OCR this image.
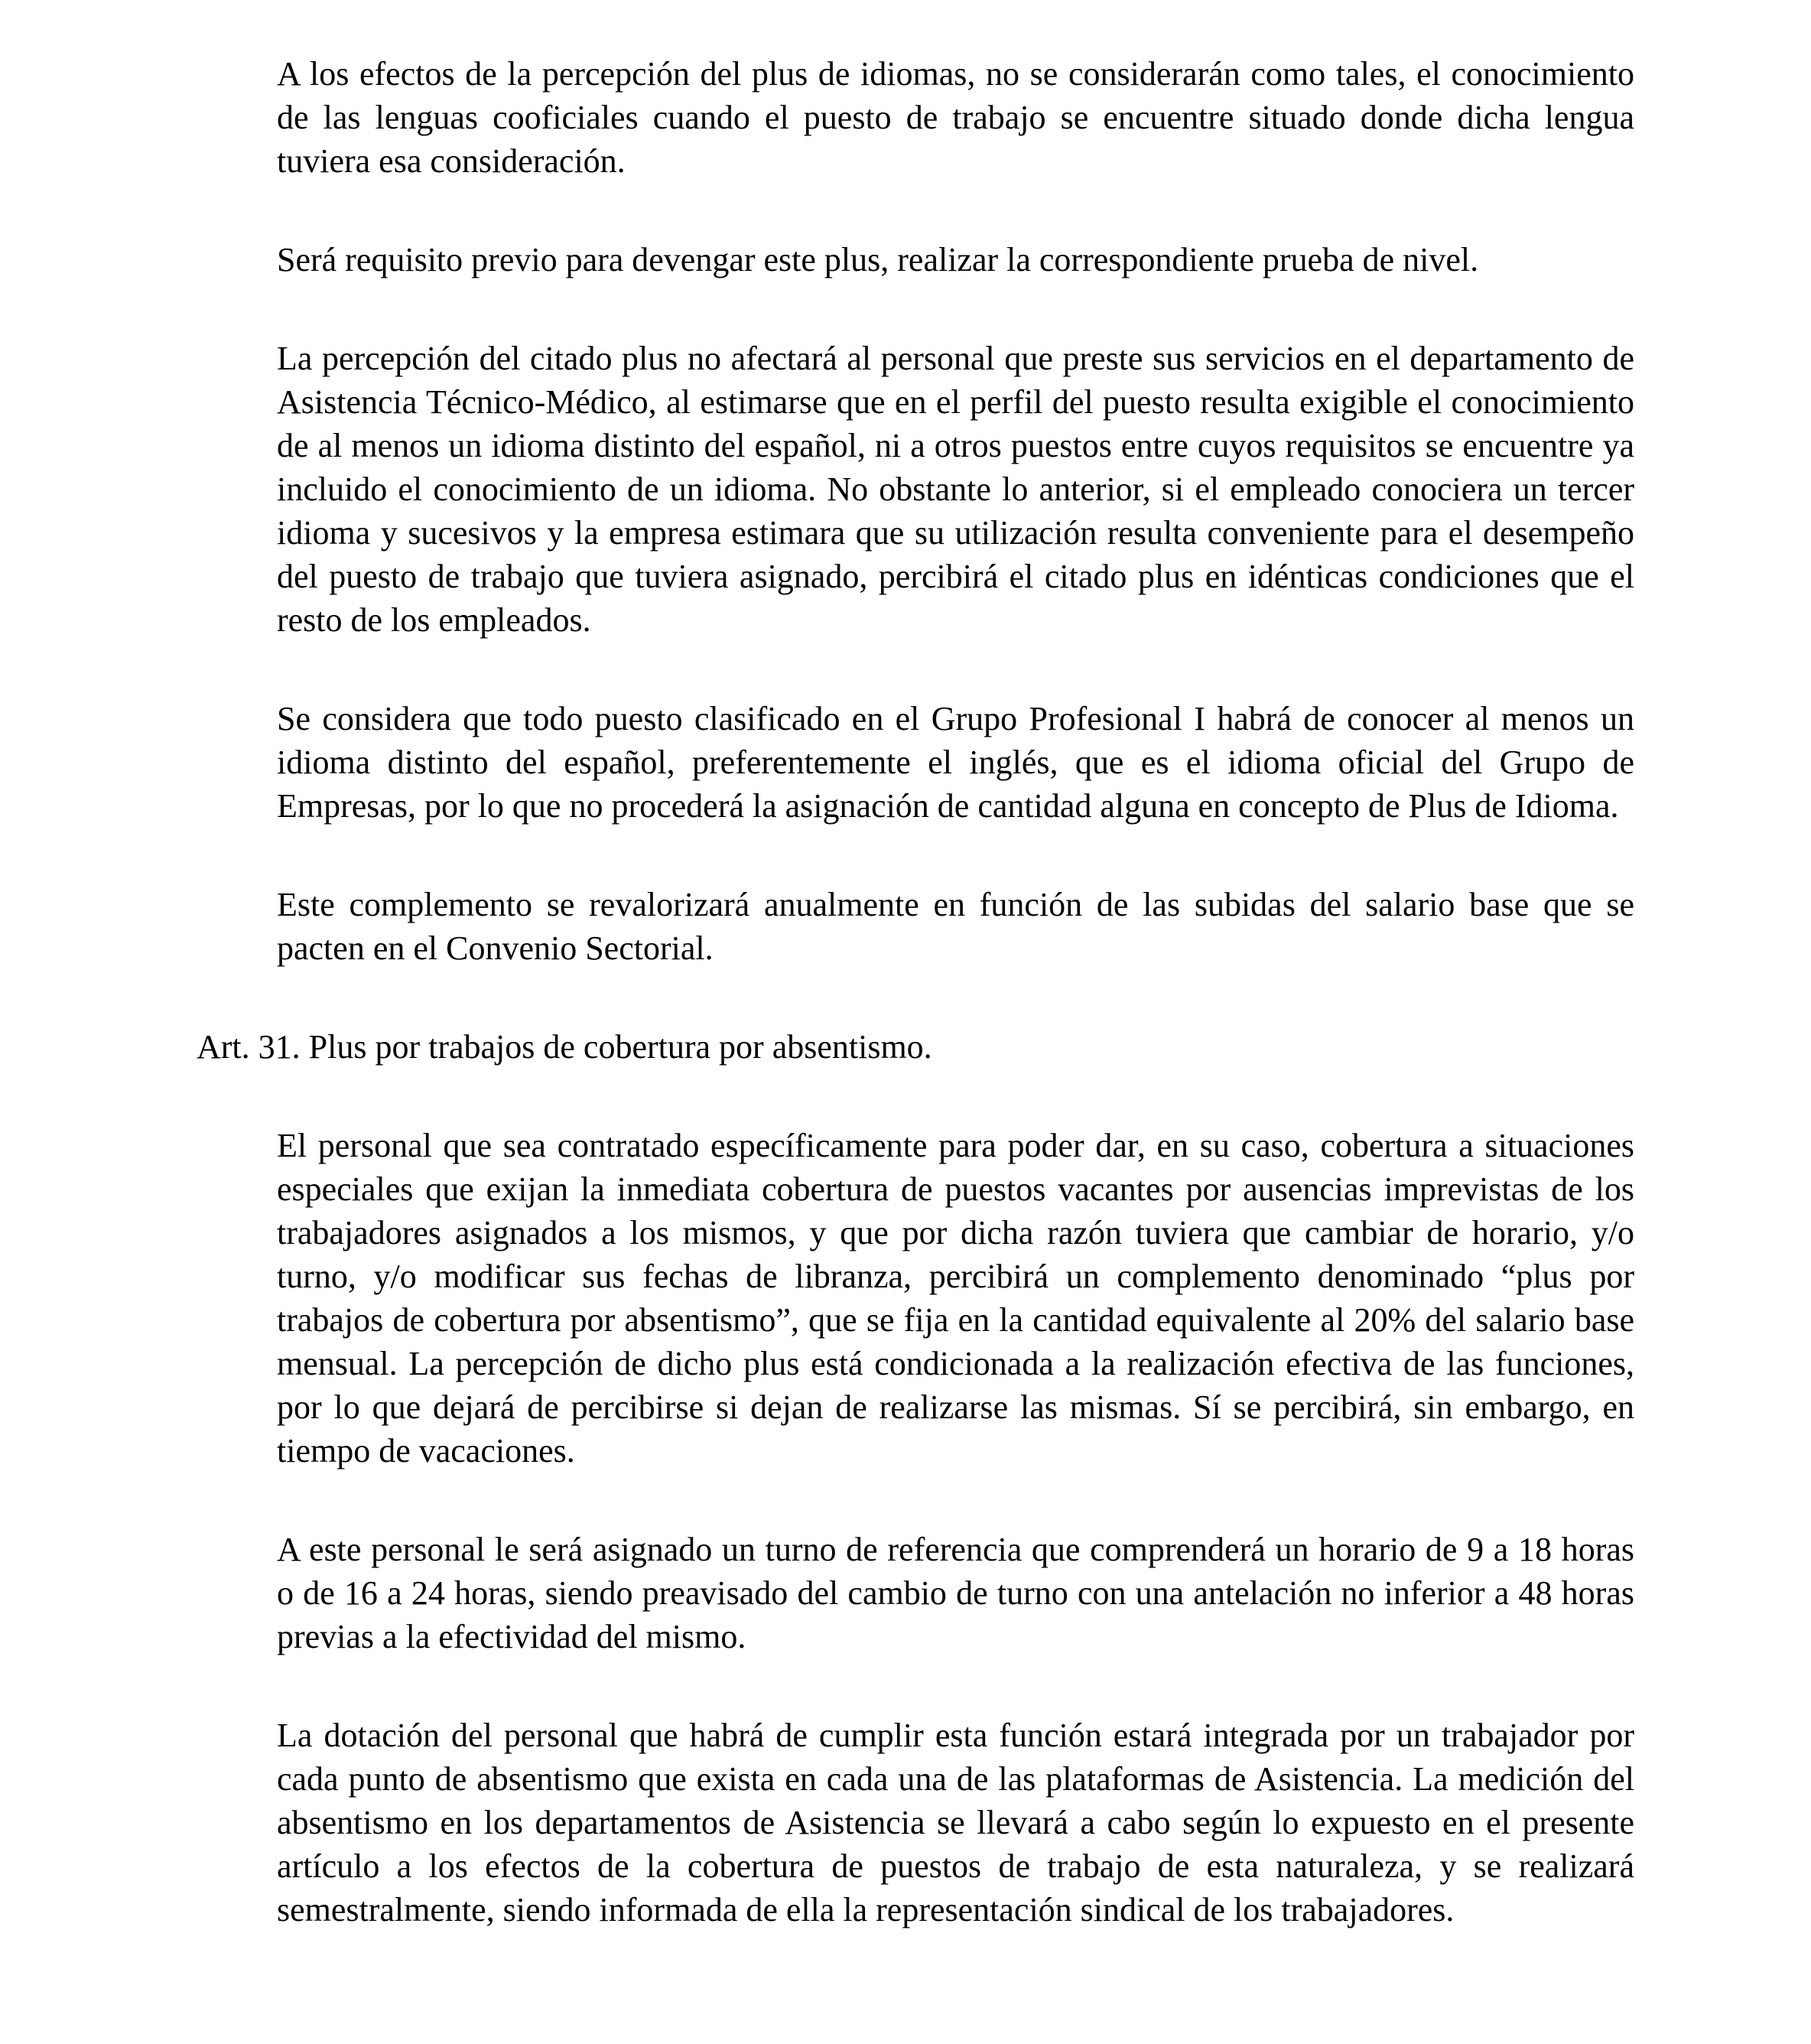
A los efectos de la percepción del plus de idiomas, no se considerarán como tales, el conocimiento de las lenguas cooficiales cuando el puesto de trabajo se encuentre situado donde dicha lengua tuviera esa consideración.

Será requisito previo para devengar este plus, realizar la correspondiente prueba de nivel.

La percepción del citado plus no afectará al personal que preste sus servicios en el departamento de Asistencia Técnico-Médico, al estimarse que en el perfil del puesto resulta exigible el conocimiento de al menos un idioma distinto del español, ni a otros puestos entre cuyos requisitos se encuentre ya incluido el conocimiento de un idioma. No obstante lo anterior, si el empleado conociera un tercer idioma y sucesivos y la empresa estimara que su utilización resulta conveniente para el desempeño del puesto de trabajo que tuviera asignado, percibirá el citado plus en idénticas condiciones que el resto de los empleados.

Se considera que todo puesto clasificado en el Grupo Profesional I habrá de conocer al menos un idioma distinto del español, preferentemente el inglés, que es el idioma oficial del Grupo de Empresas, por lo que no procederá la asignación de cantidad alguna en concepto de Plus de Idioma.

Este complemento se revalorizará anualmente en función de las subidas del salario base que se pacten en el Convenio Sectorial.

Art. 31. Plus por trabajos de cobertura por absentismo.

El personal que sea contratado específicamente para poder dar, en su caso, cobertura a situaciones especiales que exijan la inmediata cobertura de puestos vacantes por ausencias imprevistas de los trabajadores asignados a los mismos, y que por dicha razón tuviera que cambiar de horario, y/o turno, y/o modificar sus fechas de libranza, percibirá un complemento denominado “plus por trabajos de cobertura por absentismo”, que se fija en la cantidad equivalente al 20% del salario base mensual. La percepción de dicho plus está condicionada a la realización efectiva de las funciones, por lo que dejará de percibirse si dejan de realizarse las mismas. Sí se percibirá, sin embargo, en tiempo de vacaciones.

A este personal le será asignado un turno de referencia que comprenderá un horario de 9 a 18 horas o de 16 a 24 horas, siendo preavisado del cambio de turno con una antelación no inferior a 48 horas previas a la efectividad del mismo.

La dotación del personal que habrá de cumplir esta función estará integrada por un trabajador por cada punto de absentismo que exista en cada una de las plataformas de Asistencia. La medición del absentismo en los departamentos de Asistencia se llevará a cabo según lo expuesto en el presente artículo a los efectos de la cobertura de puestos de trabajo de esta naturaleza, y se realizará semestralmente, siendo informada de ella la representación sindical de los trabajadores.
